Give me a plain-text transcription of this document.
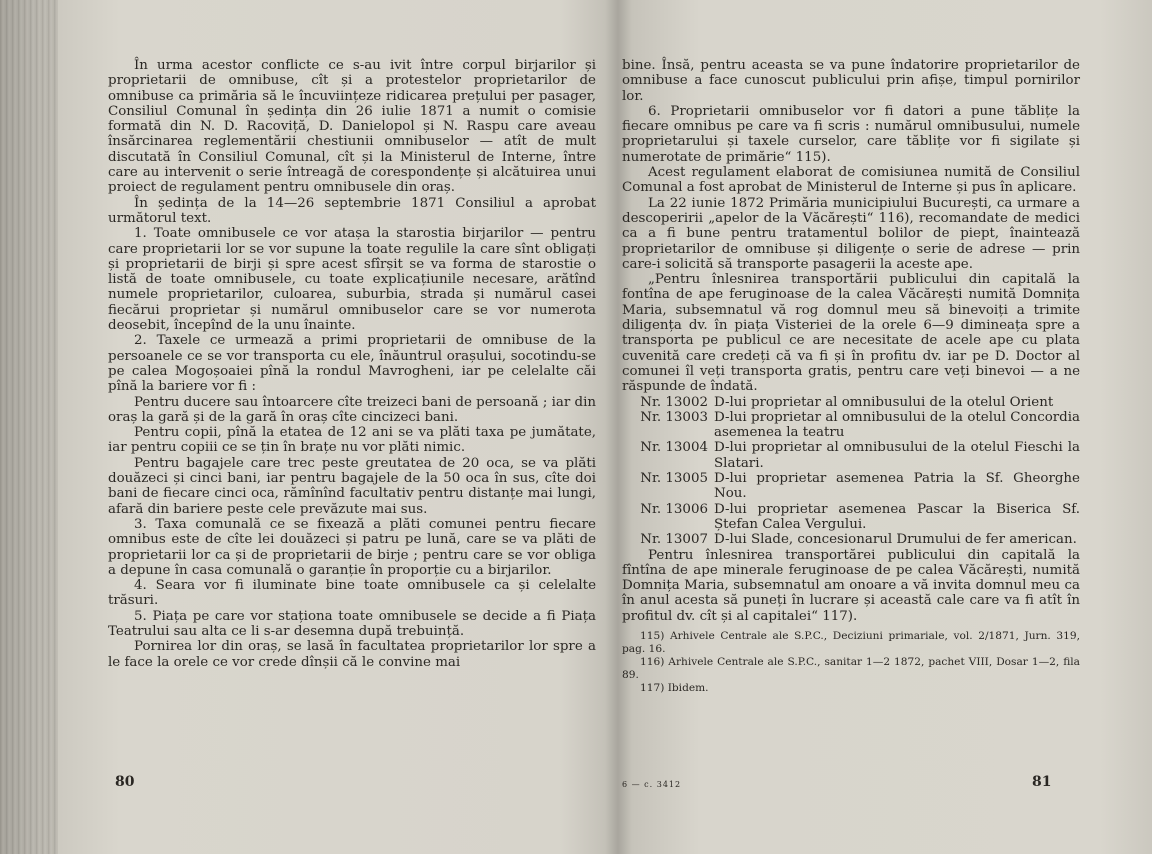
În urma acestor conflicte ce s-au ivit între corpul birjarilor și proprietarii de omnibuse, cît și a protestelor proprietarilor de omnibuse ca primăria să le încuviințeze ridicarea prețului per pasager, Consiliul Comunal în ședința din 26 iulie 1871 a numit o comisie formată din N. D. Racoviță, D. Danielopol și N. Raspu care aveau însărcinarea reglementării chestiunii omnibuselor — atît de mult discutată în Consiliul Comunal, cît și la Ministerul de Interne, între care au intervenit o serie întreagă de corespondențe și alcătuirea unui proiect de regulament pentru omnibusele din oraș.

În ședința de la 14—26 septembrie 1871 Consiliul a aprobat următorul text.

1. Toate omnibusele ce vor atașa la starostia birjarilor — pentru care proprietarii lor se vor supune la toate regulile la care sînt obligați și proprietarii de birji și spre acest sfîrșit se va forma de starostie o listă de toate omnibusele, cu toate explicațiunile necesare, arătînd numele proprietarilor, culoarea, suburbia, strada și numărul casei fiecărui proprietar și numărul omnibuselor care se vor numerota deosebit, începînd de la unu înainte.

2. Taxele ce urmează a primi proprietarii de omnibuse de la persoanele ce se vor transporta cu ele, înăuntrul orașului, socotindu-se pe calea Mogoșoaiei pînă la rondul Mavrogheni, iar pe celelalte căi pînă la bariere vor fi :

Pentru ducere sau întoarcere cîte treizeci bani de persoană ; iar din oraș la gară și de la gară în oraș cîte cincizeci bani.

Pentru copii, pînă la etatea de 12 ani se va plăti taxa pe jumătate, iar pentru copiii ce se țin în brațe nu vor plăti nimic.

Pentru bagajele care trec peste greutatea de 20 oca, se va plăti douăzeci și cinci bani, iar pentru bagajele de la 50 oca în sus, cîte doi bani de fiecare cinci oca, rămînînd facultativ pentru distanțe mai lungi, afară din bariere peste cele prevăzute mai sus.

3. Taxa comunală ce se fixează a plăti comunei pentru fiecare omnibus este de cîte lei douăzeci și patru pe lună, care se va plăti de proprietarii lor ca și de proprietarii de birje ; pentru care se vor obliga a depune în casa comunală o garanție în proporție cu a birjarilor.

4. Seara vor fi iluminate bine toate omnibusele ca și celelalte trăsuri.

5. Piața pe care vor staționa toate omnibusele se decide a fi Piața Teatrului sau alta ce li s-ar desemna după trebuință.

Pornirea lor din oraș, se lasă în facultatea proprietarilor lor spre a le face la orele ce vor crede dînșii că le convine mai

80

bine. Însă, pentru aceasta se va pune îndatorire proprietarilor de omnibuse a face cunoscut publicului prin afișe, timpul pornirilor lor.

6. Proprietarii omnibuselor vor fi datori a pune tăblițe la fiecare omnibus pe care va fi scris : numărul omnibusului, numele proprietarului și taxele curselor, care tăblițe vor fi sigilate și numerotate de primărie“ 115).

Acest regulament elaborat de comisiunea numită de Consiliul Comunal a fost aprobat de Ministerul de Interne și pus în aplicare.

La 22 iunie 1872 Primăria municipiului București, ca urmare a descoperirii „apelor de la Văcărești“ 116), recomandate de medici ca a fi bune pentru tratamentul bolilor de piept, înaintează proprietarilor de omnibuse și diligențe o serie de adrese — prin care-i solicită să transporte pasagerii la aceste ape.

„Pentru înlesnirea transportării publicului din capitală la fontîna de ape feruginoase de la calea Văcărești numită Domnița Maria, subsemnatul vă rog domnul meu să binevoiți a trimite diligența dv. în piața Visteriei de la orele 6—9 dimineața spre a transporta pe publicul ce are necesitate de acele ape cu plata cuvenită care credeți că va fi și în profitu dv. iar pe D. Doctor al comunei îl veți transporta gratis, pentru care veți binevoi — a ne răspunde de îndată.

Nr. 13002 D-lui proprietar al omnibusului de la otelul Orient
Nr. 13003 D-lui proprietar al omnibusului de la otelul Concordia asemenea la teatru
Nr. 13004 D-lui proprietar al omnibusului de la otelul Fieschi la Slatari.
Nr. 13005 D-lui proprietar asemenea Patria la Sf. Gheorghe Nou.
Nr. 13006 D-lui proprietar asemenea Pascar la Biserica Sf. Ștefan Calea Vergului.
Nr. 13007 D-lui Slade, concesionarul Drumului de fer american.

Pentru înlesnirea transportărei publicului din capitală la fîntîna de ape minerale feruginoase de pe calea Văcărești, numită Domnița Maria, subsemnatul am onoare a vă invita domnul meu ca în anul acesta să puneți în lucrare și această cale care va fi atît în profitul dv. cît și al capitalei“ 117).

115) Arhivele Centrale ale S.P.C., Deciziuni primariale, vol. 2/1871, Jurn. 319, pag. 16.

116) Arhivele Centrale ale S.P.C., sanitar 1—2 1872, pachet VIII, Dosar 1—2, fila 89.

117) Ibidem.

6 — c. 3412	81
